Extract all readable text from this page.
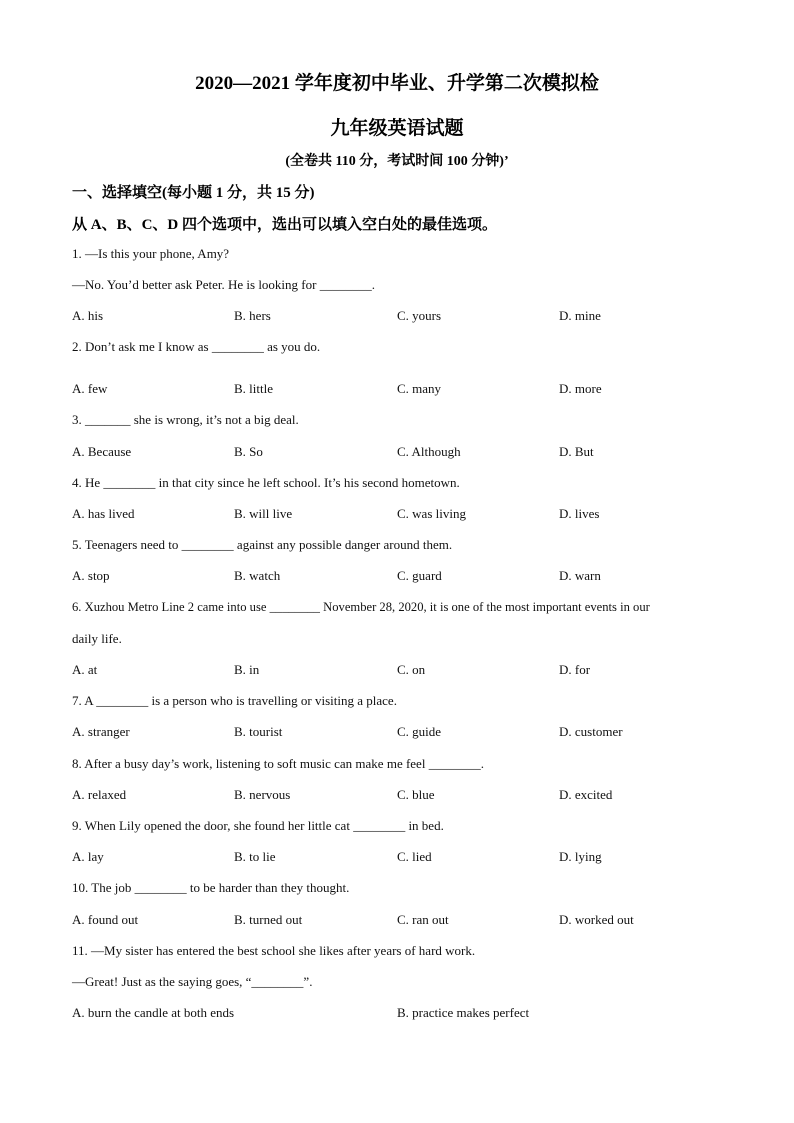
2020—2021 学年度初中毕业、升学第二次模拟检
九年级英语试题
(全卷共 110 分，考试时间 100 分钟)’
一、选择填空(每小题 1 分，共 15 分)
从 A、B、C、D 四个选项中，选出可以填入空白处的最佳选项。
1. —Is this your phone, Amy?
—No. You’d better ask Peter. He is looking for ________.
A. his	B. hers	C. yours	D. mine
2. Don’t ask me I know as ________ as you do.
A. few	B. little	C. many	D. more
3. _______ she is wrong, it’s not a big deal.
A. Because	B. So	C. Although	D. But
4. He ________ in that city since he left school. It’s his second hometown.
A. has lived	B. will live	C. was living	D. lives
5. Teenagers need to ________ against any possible danger around them.
A. stop	B. watch	C. guard	D. warn
6. Xuzhou Metro Line 2 came into use ________ November 28, 2020, it is one of the most important events in our
daily life.
A. at	B. in	C. on	D. for
7. A ________ is a person who is travelling or visiting a place.
A. stranger	B. tourist	C. guide	D. customer
8. After a busy day’s work, listening to soft music can make me feel ________.
A. relaxed	B. nervous	C. blue	D. excited
9. When Lily opened the door, she found her little cat ________ in bed.
A. lay	B. to lie	C. lied	D. lying
10. The job ________ to be harder than they thought.
A. found out	B. turned out	C. ran out	D. worked out
11. —My sister has entered the best school she likes after years of hard work.
—Great! Just as the saying goes, “________”.
A. burn the candle at both ends	B. practice makes perfect
